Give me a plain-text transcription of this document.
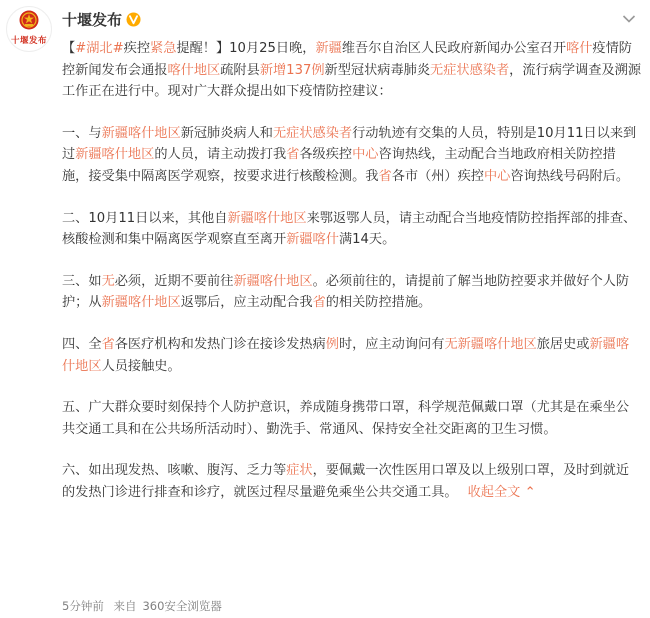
十堰发布
十堰发布

【#湖北#疾控紧急提醒！】10月25日晚，新疆维吾尔自治区人民政府新闻办公室召开喀什疫情防控新闻发布会通报喀什地区疏附县新增137例新型冠状病毒肺炎无症状感染者，流行病学调查及溯源工作正在进行中。现对广大群众提出如下疫情防控建议：

一、与新疆喀什地区新冠肺炎病人和无症状感染者行动轨迹有交集的人员，特别是10月11日以来到过新疆喀什地区的人员，请主动拨打我省各级疾控中心咨询热线，主动配合当地政府相关防控措施，接受集中隔离医学观察，按要求进行核酸检测。我省各市（州）疾控中心咨询热线号码附后。

二、10月11日以来，其他自新疆喀什地区来鄂返鄂人员，请主动配合当地疫情防控指挥部的排查、核酸检测和集中隔离医学观察直至离开新疆喀什满14天。

三、如无必须，近期不要前往新疆喀什地区。必须前往的，请提前了解当地防控要求并做好个人防护；从新疆喀什地区返鄂后，应主动配合我省的相关防控措施。

四、全省各医疗机构和发热门诊在接诊发热病例时，应主动询问有无新疆喀什地区旅居史或新疆喀什地区人员接触史。

五、广大群众要时刻保持个人防护意识，养成随身携带口罩，科学规范佩戴口罩（尤其是在乘坐公共交通工具和在公共场所活动时）、勤洗手、常通风、保持安全社交距离的卫生习惯。

六、如出现发热、咳嗽、腹泻、乏力等症状，要佩戴一次性医用口罩及以上级别口罩，及时到就近的发热门诊进行排查和诊疗，就医过程尽量避免乘坐公共交通工具。 收起全文 ⌃

5分钟前 来自 360安全浏览器
